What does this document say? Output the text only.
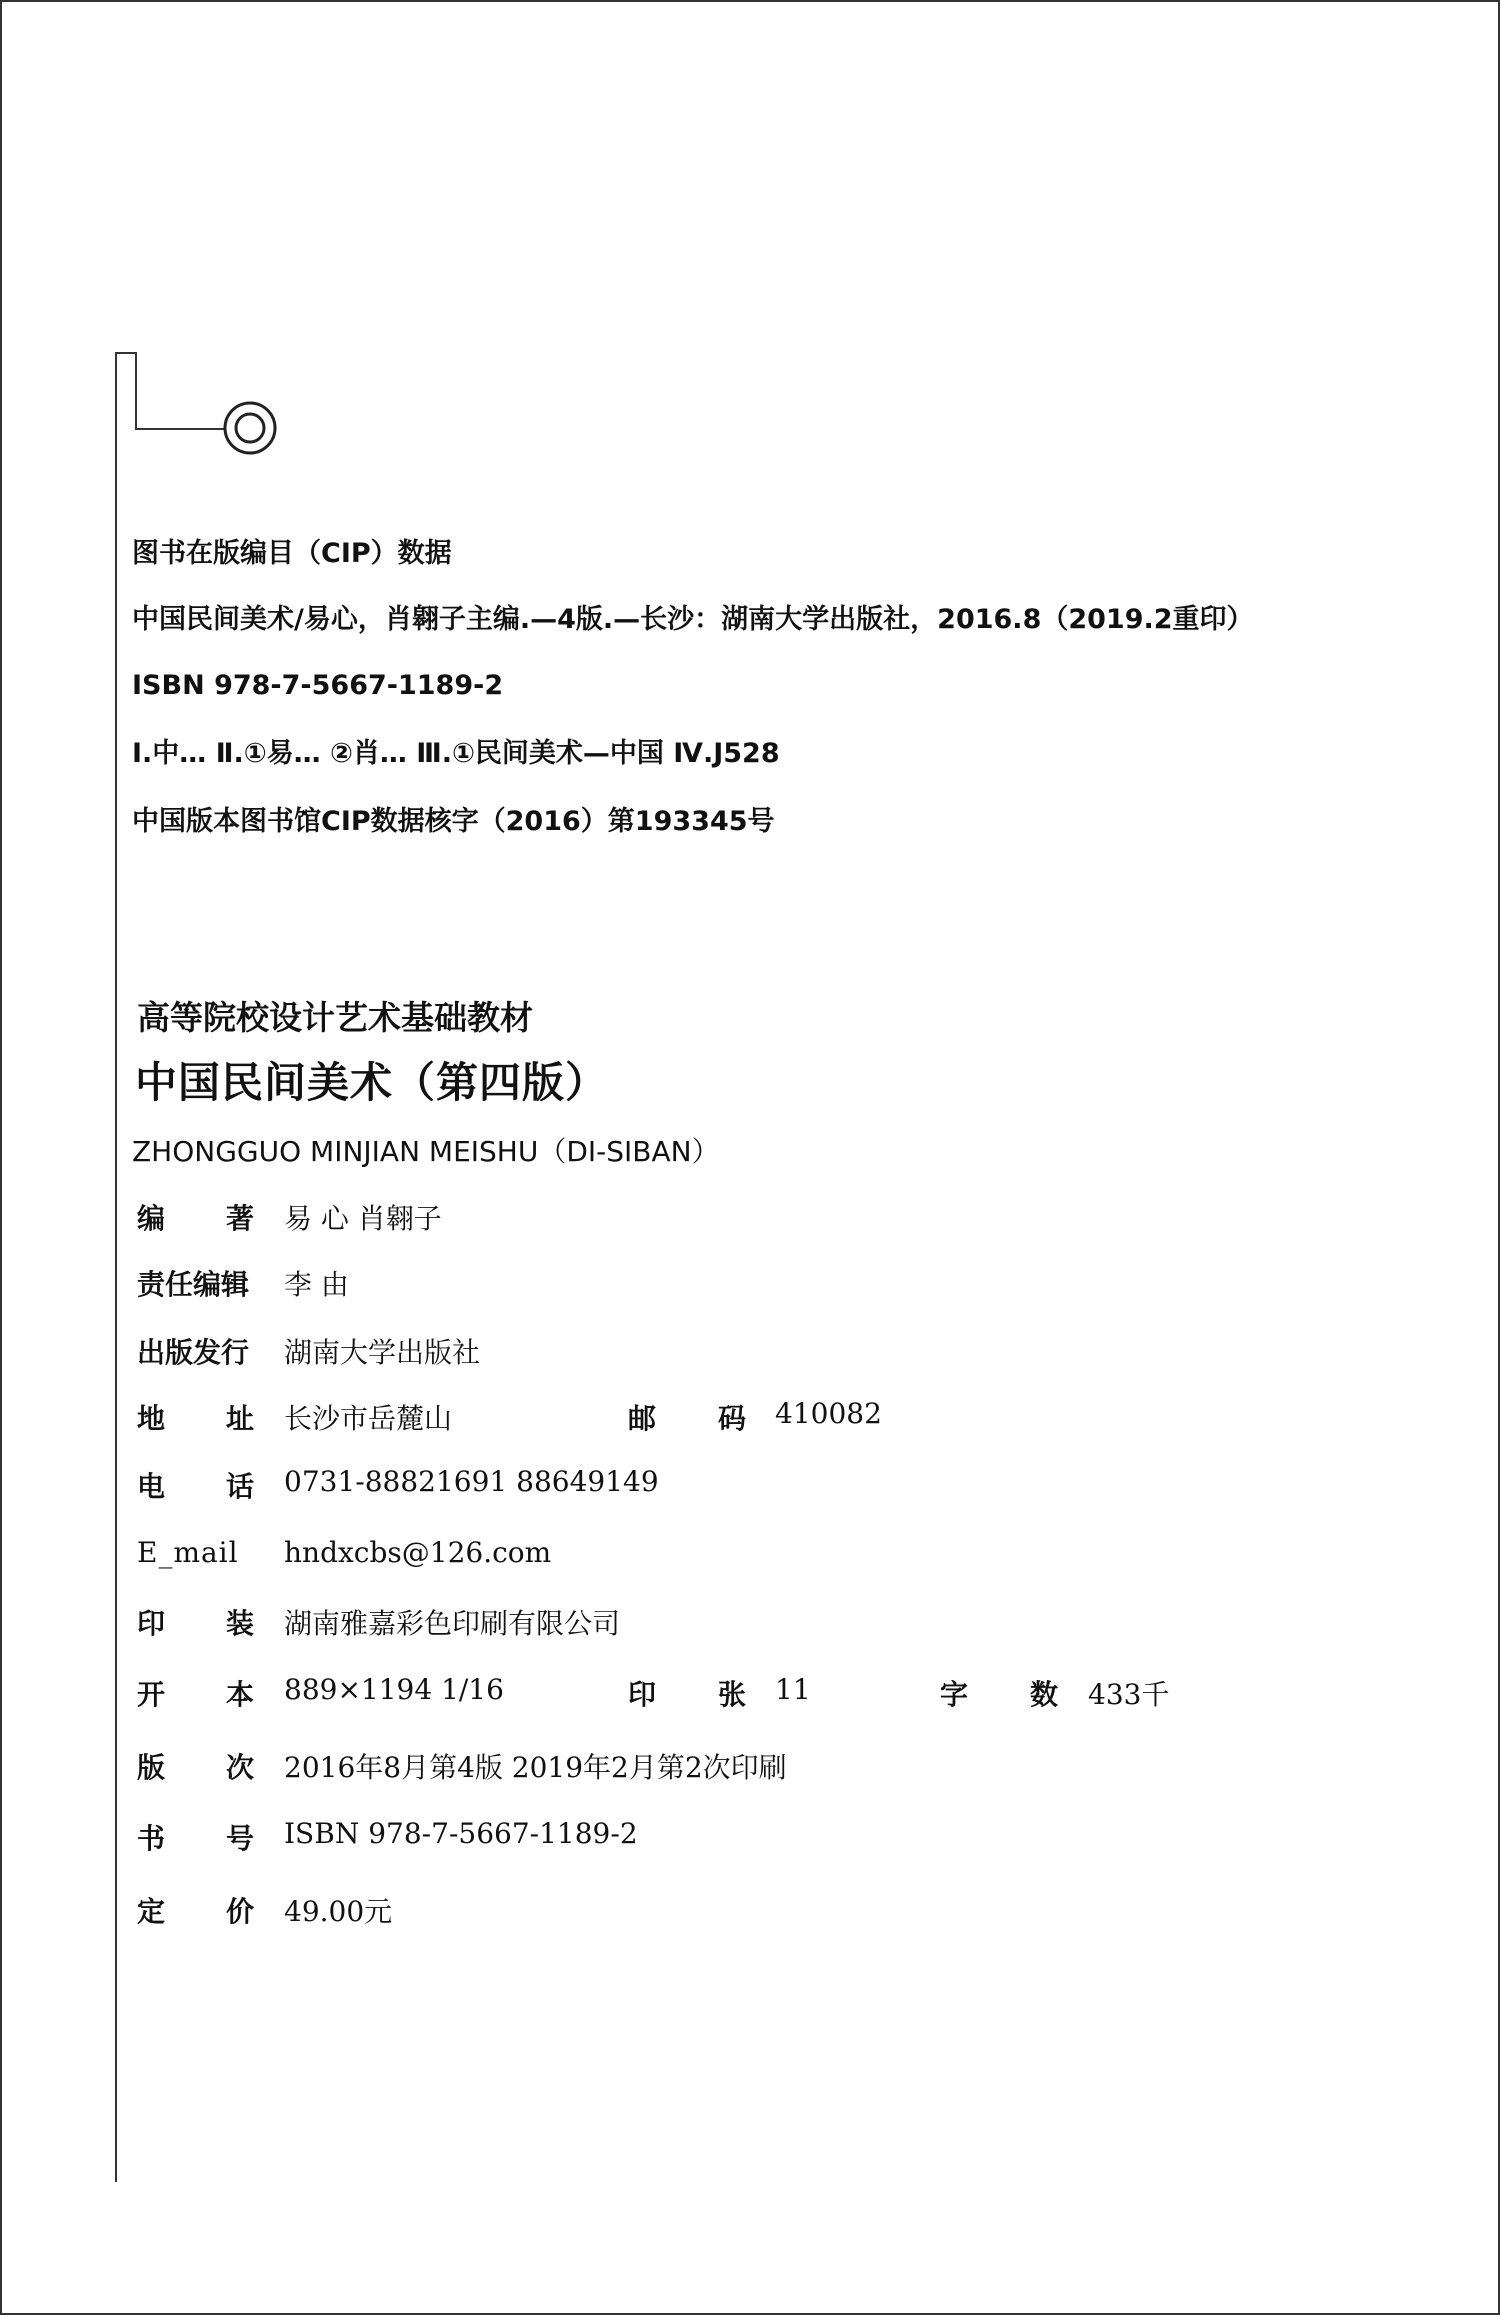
图书在版编目（CIP）数据
中国民间美术/易心，肖翱子主编.—4版.—长沙：湖南大学出版社，2016.8（2019.2重印）
ISBN 978-7-5667-1189-2
Ⅰ.中… Ⅱ.①易… ②肖… Ⅲ.①民间美术—中国 Ⅳ.J528
中国版本图书馆CIP数据核字（2016）第193345号
高等院校设计艺术基础教材
中国民间美术（第四版）
ZHONGGUO MINJIAN MEISHU（DI-SIBAN）
编 著 易 心 肖翱子
责任编辑 李 由
出版发行 湖南大学出版社
地 址 长沙市岳麓山	邮 码 410082
电 话 0731-88821691 88649149
E_mail hndxcbs@126.com
印 装 湖南雅嘉彩色印刷有限公司
开 本 889×1194 1/16	印 张 11	字 数 433千
版 次 2016年8月第4版 2019年2月第2次印刷
书 号 ISBN 978-7-5667-1189-2
定 价 49.00元
